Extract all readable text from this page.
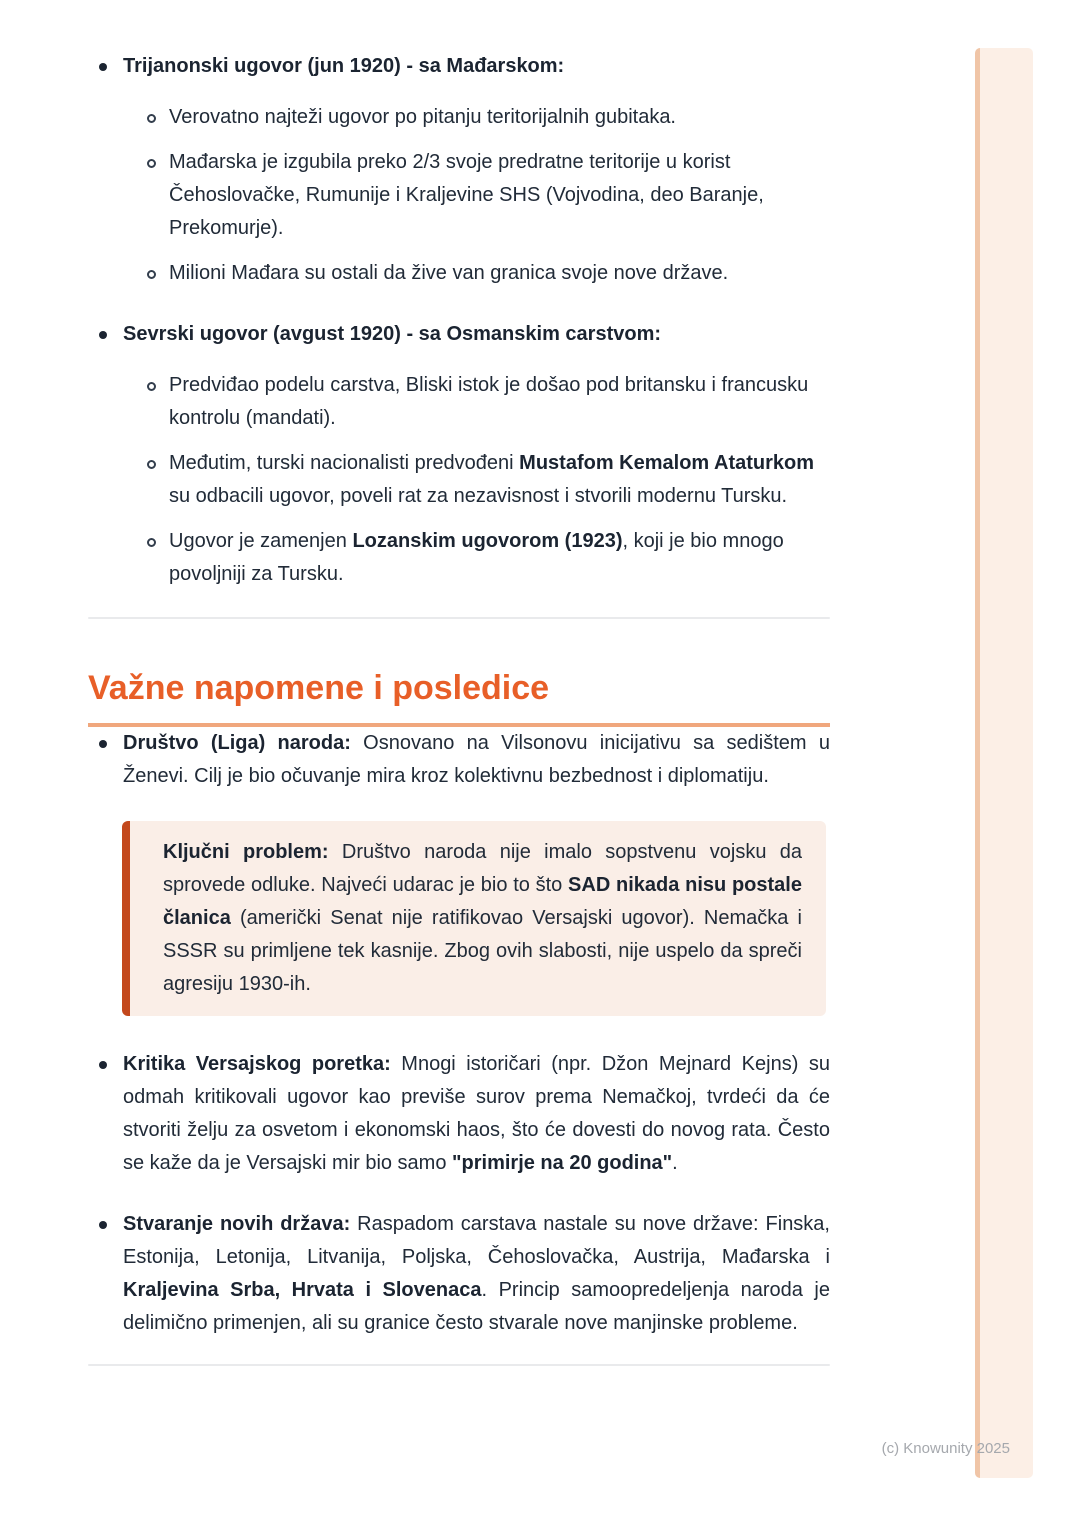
Trijanonski ugovor (jun 1920) - sa Mađarskom:

Verovatno najteži ugovor po pitanju teritorijalnih gubitaka.

Mađarska je izgubila preko 2/3 svoje predratne teritorije u korist Čehoslovačke, Rumunije i Kraljevine SHS (Vojvodina, deo Baranje, Prekomurje).

Milioni Mađara su ostali da žive van granica svoje nove države.

Sevrski ugovor (avgust 1920) - sa Osmanskim carstvom:

Predviđao podelu carstva, Bliski istok je došao pod britansku i francusku kontrolu (mandati).

Međutim, turski nacionalisti predvođeni Mustafom Kemalom Ataturkom su odbacili ugovor, poveli rat za nezavisnost i stvorili modernu Tursku.

Ugovor je zamenjen Lozanskim ugovorom (1923), koji je bio mnogo povoljniji za Tursku.

Važne napomene i posledice

Društvo (Liga) naroda: Osnovano na Vilsonovu inicijativu sa sedištem u Ženevi. Cilj je bio očuvanje mira kroz kolektivnu bezbednost i diplomatiju.

Ključni problem: Društvo naroda nije imalo sopstvenu vojsku da sprovede odluke. Najveći udarac je bio to što SAD nikada nisu postale članica (američki Senat nije ratifikovao Versajski ugovor). Nemačka i SSSR su primljene tek kasnije. Zbog ovih slabosti, nije uspelo da spreči agresiju 1930-ih.

Kritika Versajskog poretka: Mnogi istoričari (npr. Džon Mejnard Kejns) su odmah kritikovali ugovor kao previše surov prema Nemačkoj, tvrdeći da će stvoriti želju za osvetom i ekonomski haos, što će dovesti do novog rata. Često se kaže da je Versajski mir bio samo "primirje na 20 godina".

Stvaranje novih država: Raspadom carstava nastale su nove države: Finska, Estonija, Letonija, Litvanija, Poljska, Čehoslovačka, Austrija, Mađarska i Kraljevina Srba, Hrvata i Slovenaca. Princip samoopredeljenja naroda je delimično primenjen, ali su granice često stvarale nove manjinske probleme.

(c) Knowunity 2025
